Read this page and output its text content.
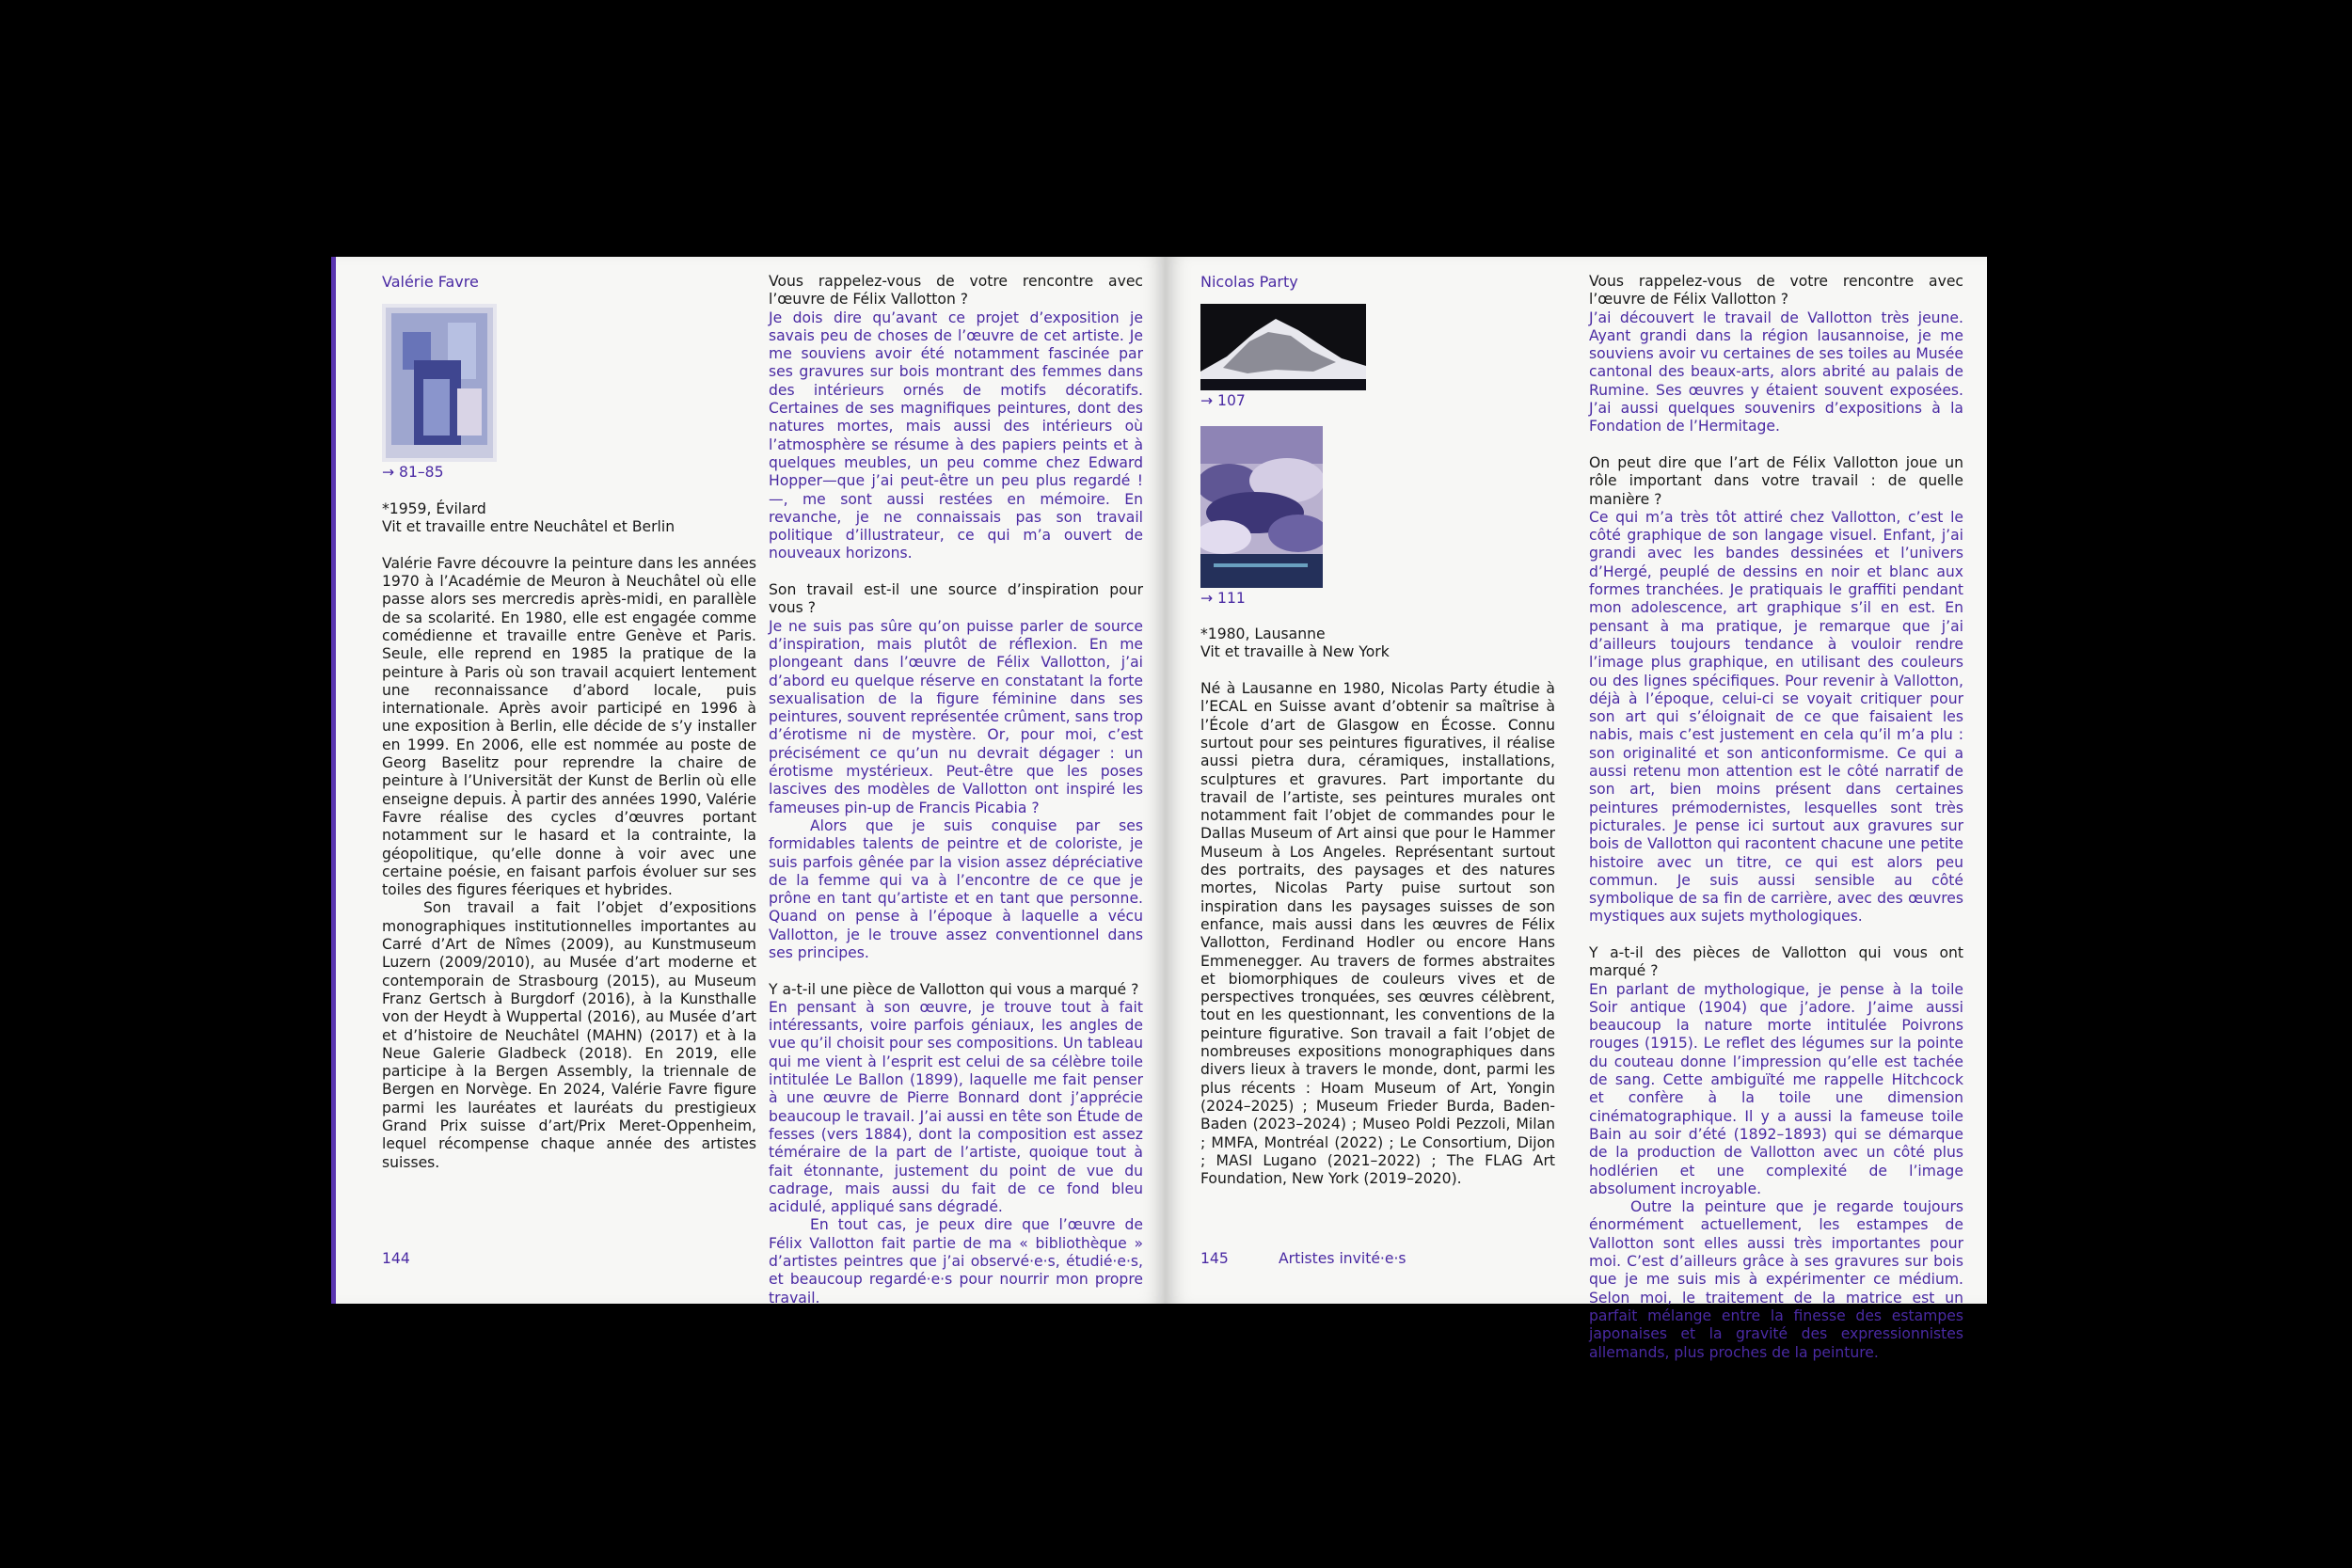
Valérie Favre
→ 81–85
*1959, Évilard
Vit et travaille entre Neuchâtel et Berlin

Valérie Favre découvre la peinture dans les années 1970 à l’Académie de Meuron à Neuchâtel où elle passe alors ses mercredis après-midi, en parallèle de sa scolarité. En 1980, elle est engagée comme comédienne et travaille entre Genève et Paris. Seule, elle reprend en 1985 la pratique de la peinture à Paris où son travail acquiert lentement une reconnaissance d’abord locale, puis internationale. Après avoir participé en 1996 à une exposition à Berlin, elle décide de s’y installer en 1999. En 2006, elle est nommée au poste de Georg Baselitz pour reprendre la chaire de peinture à l’Universität der Kunst de Berlin où elle enseigne depuis. À partir des années 1990, Valérie Favre réalise des cycles d’œuvres portant notamment sur le hasard et la contrainte, la géopolitique, qu’elle donne à voir avec une certaine poésie, en faisant parfois évoluer sur ses toiles des figures féeriques et hybrides.

Son travail a fait l’objet d’expositions monographiques institutionnelles importantes au Carré d’Art de Nîmes (2009), au Kunstmuseum Luzern (2009/2010), au Musée d’art moderne et contemporain de Strasbourg (2015), au Museum Franz Gertsch à Burgdorf (2016), à la Kunsthalle von der Heydt à Wuppertal (2016), au Musée d’art et d’histoire de Neuchâtel (MAHN) (2017) et à la Neue Galerie Gladbeck (2018). En 2019, elle participe à la Bergen Assembly, la triennale de Bergen en Norvège. En 2024, Valérie Favre figure parmi les lauréates et lauréats du prestigieux Grand Prix suisse d’art/Prix Meret-Oppenheim, lequel récompense chaque année des artistes suisses.

Vous rappelez-vous de votre rencontre avec l’œuvre de Félix Vallotton ?

Je dois dire qu’avant ce projet d’exposition je savais peu de choses de l’œuvre de cet artiste. Je me souviens avoir été notamment fascinée par ses gravures sur bois montrant des femmes dans des intérieurs ornés de motifs décoratifs. Certaines de ses magnifiques peintures, dont des natures mortes, mais aussi des intérieurs où l’atmosphère se résume à des papiers peints et à quelques meubles, un peu comme chez Edward Hopper—que j’ai peut-être un peu plus regardé !—, me sont aussi restées en mémoire. En revanche, je ne connaissais pas son travail politique d’illustrateur, ce qui m’a ouvert de nouveaux horizons.

Son travail est-il une source d’inspiration pour vous ?

Je ne suis pas sûre qu’on puisse parler de source d’inspiration, mais plutôt de réflexion. En me plongeant dans l’œuvre de Félix Vallotton, j’ai d’abord eu quelque réserve en constatant la forte sexualisation de la figure féminine dans ses peintures, souvent représentée crûment, sans trop d’érotisme ni de mystère. Or, pour moi, c’est précisément ce qu’un nu devrait dégager : un érotisme mystérieux. Peut-être que les poses lascives des modèles de Vallotton ont inspiré les fameuses pin-up de Francis Picabia ?

Alors que je suis conquise par ses formidables talents de peintre et de coloriste, je suis parfois gênée par la vision assez dépréciative de la femme qui va à l’encontre de ce que je prône en tant qu’artiste et en tant que personne. Quand on pense à l’époque à laquelle a vécu Vallotton, je le trouve assez conventionnel dans ses principes.

Y a-t-il une pièce de Vallotton qui vous a marqué ?

En pensant à son œuvre, je trouve tout à fait intéressants, voire parfois géniaux, les angles de vue qu’il choisit pour ses compositions. Un tableau qui me vient à l’esprit est celui de sa célèbre toile intitulée Le Ballon (1899), laquelle me fait penser à une œuvre de Pierre Bonnard dont j’apprécie beaucoup le travail. J’ai aussi en tête son Étude de fesses (vers 1884), dont la composition est assez téméraire de la part de l’artiste, quoique tout à fait étonnante, justement du point de vue du cadrage, mais aussi du fait de ce fond bleu acidulé, appliqué sans dégradé.

En tout cas, je peux dire que l’œuvre de Félix Vallotton fait partie de ma « bibliothèque » d’artistes peintres que j’ai observé·e·s, étudié·e·s, et beaucoup regardé·e·s pour nourrir mon propre travail.

144
Nicolas Party
→ 107
→ 111
*1980, Lausanne
Vit et travaille à New York

Né à Lausanne en 1980, Nicolas Party étudie à l’ECAL en Suisse avant d’obtenir sa maîtrise à l’École d’art de Glasgow en Écosse. Connu surtout pour ses peintures figuratives, il réalise aussi pietra dura, céramiques, installations, sculptures et gravures. Part importante du travail de l’artiste, ses peintures murales ont notamment fait l’objet de commandes pour le Dallas Museum of Art ainsi que pour le Hammer Museum à Los Angeles. Représentant surtout des portraits, des paysages et des natures mortes, Nicolas Party puise surtout son inspiration dans les paysages suisses de son enfance, mais aussi dans les œuvres de Félix Vallotton, Ferdinand Hodler ou encore Hans Emmenegger. Au travers de formes abstraites et biomorphiques de couleurs vives et de perspectives tronquées, ses œuvres célèbrent, tout en les questionnant, les conventions de la peinture figurative. Son travail a fait l’objet de nombreuses expositions monographiques dans divers lieux à travers le monde, dont, parmi les plus récents : Hoam Museum of Art, Yongin (2024–2025) ; Museum Frieder Burda, Baden-Baden (2023–2024) ; Museo Poldi Pezzoli, Milan ; MMFA, Montréal (2022) ; Le Consortium, Dijon ; MASI Lugano (2021–2022) ; The FLAG Art Foundation, New York (2019–2020).

Vous rappelez-vous de votre rencontre avec l’œuvre de Félix Vallotton ?

J’ai découvert le travail de Vallotton très jeune. Ayant grandi dans la région lausannoise, je me souviens avoir vu certaines de ses toiles au Musée cantonal des beaux-arts, alors abrité au palais de Rumine. Ses œuvres y étaient souvent exposées. J’ai aussi quelques souvenirs d’expositions à la Fondation de l’Hermitage.

On peut dire que l’art de Félix Vallotton joue un rôle important dans votre travail : de quelle manière ?

Ce qui m’a très tôt attiré chez Vallotton, c’est le côté graphique de son langage visuel. Enfant, j’ai grandi avec les bandes dessinées et l’univers d’Hergé, peuplé de dessins en noir et blanc aux formes tranchées. Je pratiquais le graffiti pendant mon adolescence, art graphique s’il en est. En pensant à ma pratique, je remarque que j’ai d’ailleurs toujours tendance à vouloir rendre l’image plus graphique, en utilisant des couleurs ou des lignes spécifiques. Pour revenir à Vallotton, déjà à l’époque, celui-ci se voyait critiquer pour son art qui s’éloignait de ce que faisaient les nabis, mais c’est justement en cela qu’il m’a plu : son originalité et son anticonformisme. Ce qui a aussi retenu mon attention est le côté narratif de son art, bien moins présent dans certaines peintures prémodernistes, lesquelles sont très picturales. Je pense ici surtout aux gravures sur bois de Vallotton qui racontent chacune une petite histoire avec un titre, ce qui est alors peu commun. Je suis aussi sensible au côté symbolique de sa fin de carrière, avec des œuvres mystiques aux sujets mythologiques.

Y a-t-il des pièces de Vallotton qui vous ont marqué ?

En parlant de mythologique, je pense à la toile Soir antique (1904) que j’adore. J’aime aussi beaucoup la nature morte intitulée Poivrons rouges (1915). Le reflet des légumes sur la pointe du couteau donne l’impression qu’elle est tachée de sang. Cette ambiguïté me rappelle Hitchcock et confère à la toile une dimension cinématographique. Il y a aussi la fameuse toile Bain au soir d’été (1892–1893) qui se démarque de la production de Vallotton avec un côté plus hodlérien et une complexité de l’image absolument incroyable.

Outre la peinture que je regarde toujours énormément actuellement, les estampes de Vallotton sont elles aussi très importantes pour moi. C’est d’ailleurs grâce à ses gravures sur bois que je me suis mis à expérimenter ce médium. Selon moi, le traitement de la matrice est un parfait mélange entre la finesse des estampes japonaises et la gravité des expressionnistes allemands, plus proches de la peinture.

145	Artistes invité·e·s
